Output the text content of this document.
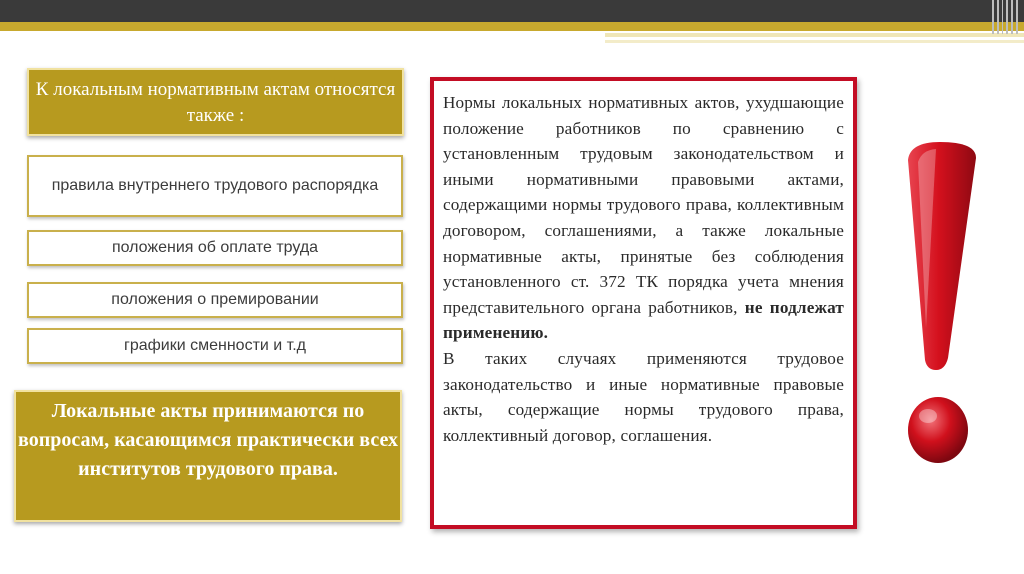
К локальным нормативным актам относятся также :
правила внутреннего трудового распорядка
положения об оплате труда
положения о премировании
графики сменности и т.д
Локальные акты принимаются по вопросам, касающимся практически всех институтов трудового права.

Нормы локальных нормативных актов, ухудшающие положение работников по сравнению с установленным трудовым законодательством и иными нормативными правовыми актами, содержащими нормы трудового права, коллективным договором, соглашениями, а также локальные нормативные акты, принятые без соблюдения установленного ст. 372 ТК порядка учета мнения представительного органа работников, не подлежат применению.

В таких случаях применяются трудовое законодательство и иные нормативные правовые акты, содержащие нормы трудового права, коллективный договор, соглашения.
